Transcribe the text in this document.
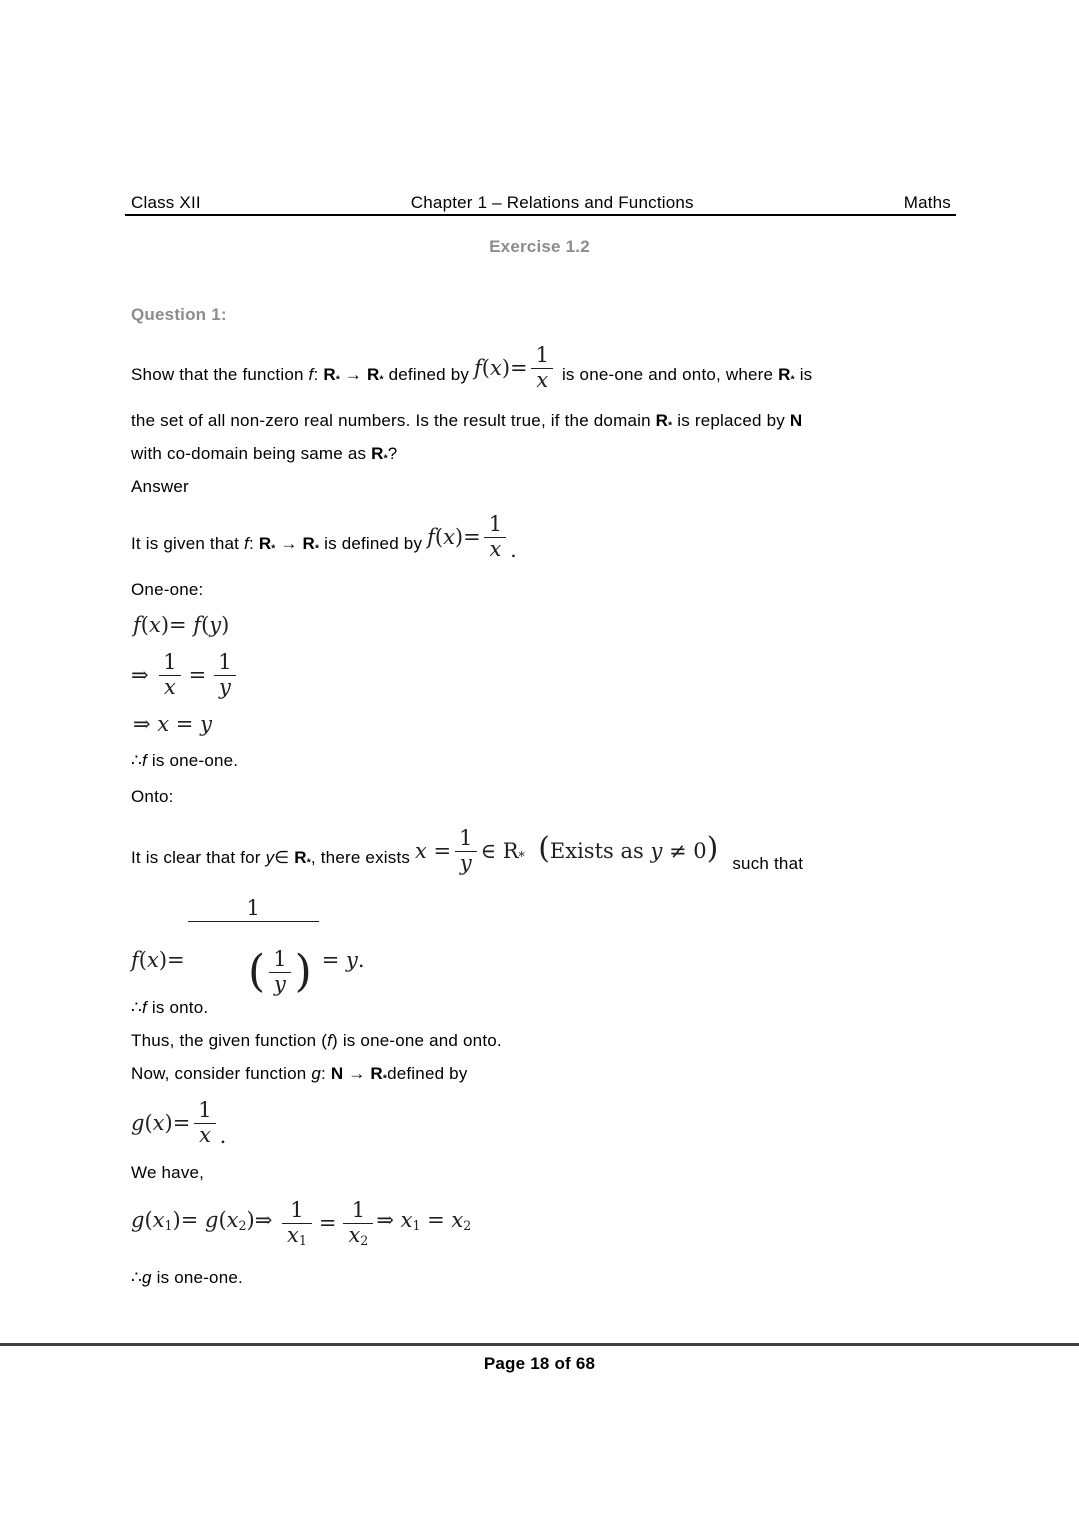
Class XII	Chapter 1 – Relations and Functions	Maths
Exercise 1.2
Question 1:
Show that the function f: $R_* \to R_*$ defined by $f(x)= \frac{1}{x}$ is one-one and onto, where $R_*$ is
the set of all non-zero real numbers. Is the result true, if the domain $R_*$ is replaced by N
with co-domain being same as $R_*$?
Answer
It is given that f: $R_* \to R_*$ is defined by $f(x)= \frac{1}{x}$ .
One-one:
f(x)= f(y)
⇒ $\frac{1}{x} = \frac{1}{y}$
⇒ x = y
∴f is one-one.
Onto:
It is clear that for y∈ $R_*$, there exists $x = \frac{1}{y}$ ∈ $R_*$ (Exists as y ≠ 0) such that
f(x)=
1

( $\frac{1}{y}$ )

= y.
∴f is onto.
Thus, the given function (f) is one-one and onto.
Now, consider function g: $N \to R_*defined$ by
$g(x)= \frac{1}{x}$ .
We have,
$g(x_1)=$ $g(x_2)\Rightarrow \frac{1}{x_1} = \frac{1}{x_2}$ ⇒ $x_1 = x_2$
∴g is one-one.
Page 18 of 68
